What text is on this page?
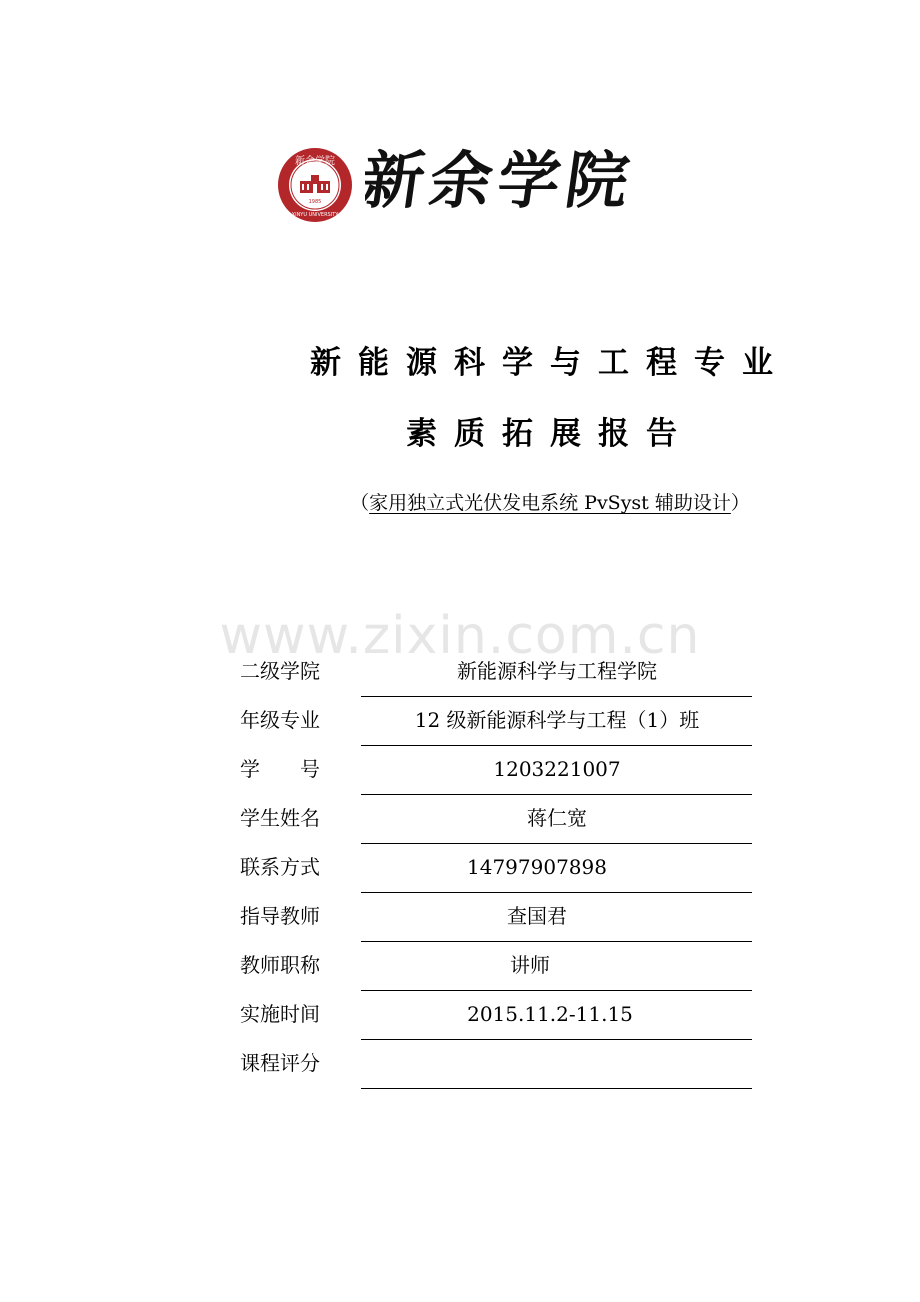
新余学院
1985
XINYU UNIVERSITY 新余学院
新能源科学与工程专业
素质拓展报告
（家用独立式光伏发电系统 PvSyst 辅助设计）
www.zixin.com.cn
二级学院	新能源科学与工程学院
年级专业	12 级新能源科学与工程（1）班
学　　号	1203221007
学生姓名	蒋仁宽
联系方式	14797907898
指导教师	查国君
教师职称	讲师
实施时间	2015.11.2-11.15
课程评分
